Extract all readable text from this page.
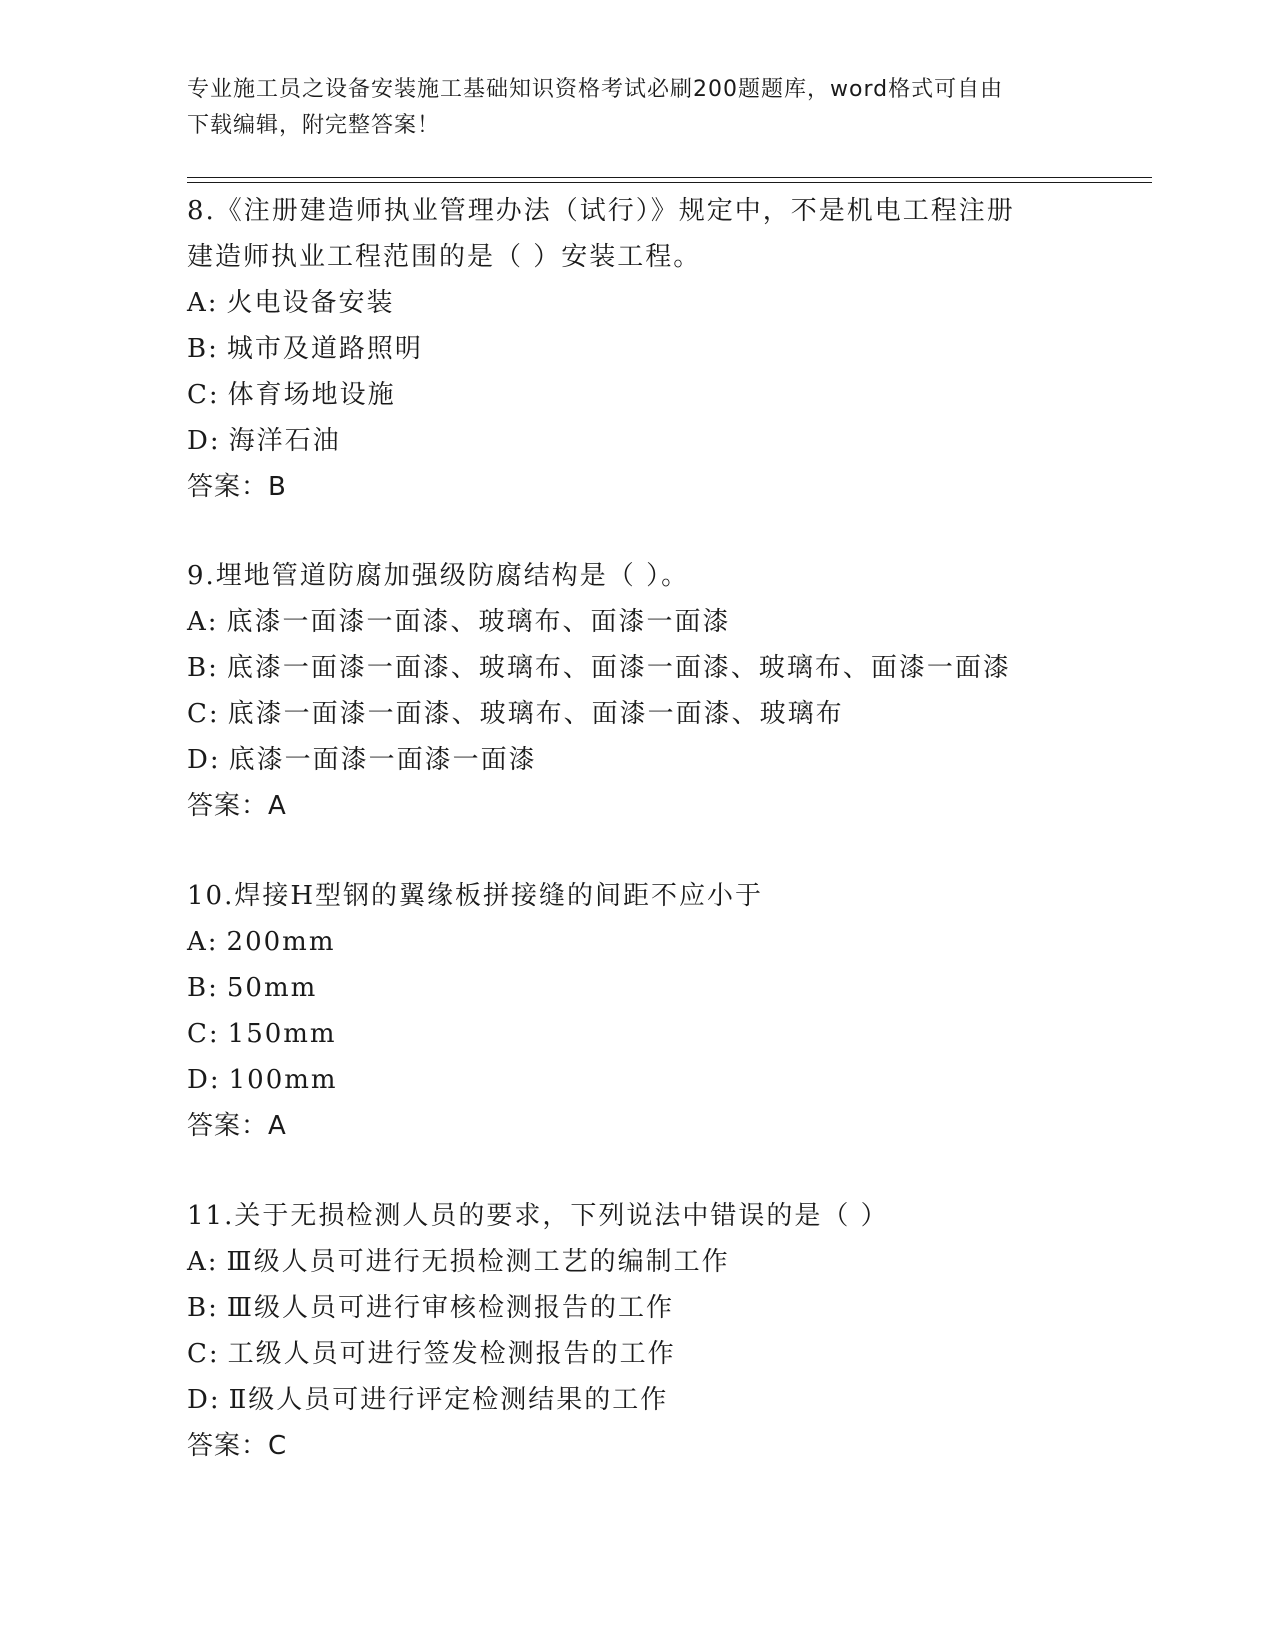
专业施工员之设备安装施工基础知识资格考试必刷200题题库，word格式可自由
下载编辑，附完整答案！

8.《注册建造师执业管理办法（试行）》规定中，不是机电工程注册

建造师执业工程范围的是（ ）安装工程。

A: 火电设备安装

B: 城市及道路照明

C: 体育场地设施

D: 海洋石油

答案：B

9.埋地管道防腐加强级防腐结构是（ ）。

A: 底漆一面漆一面漆、玻璃布、面漆一面漆

B: 底漆一面漆一面漆、玻璃布、面漆一面漆、玻璃布、面漆一面漆

C: 底漆一面漆一面漆、玻璃布、面漆一面漆、玻璃布

D: 底漆一面漆一面漆一面漆

答案：A

10.焊接H型钢的翼缘板拼接缝的间距不应小于

A: 200mm

B: 50mm

C: 150mm

D: 100mm

答案：A

11.关于无损检测人员的要求，下列说法中错误的是（ ）

A: Ⅲ级人员可进行无损检测工艺的编制工作

B: Ⅲ级人员可进行审核检测报告的工作

C: 工级人员可进行签发检测报告的工作

D: Ⅱ级人员可进行评定检测结果的工作

答案：C
